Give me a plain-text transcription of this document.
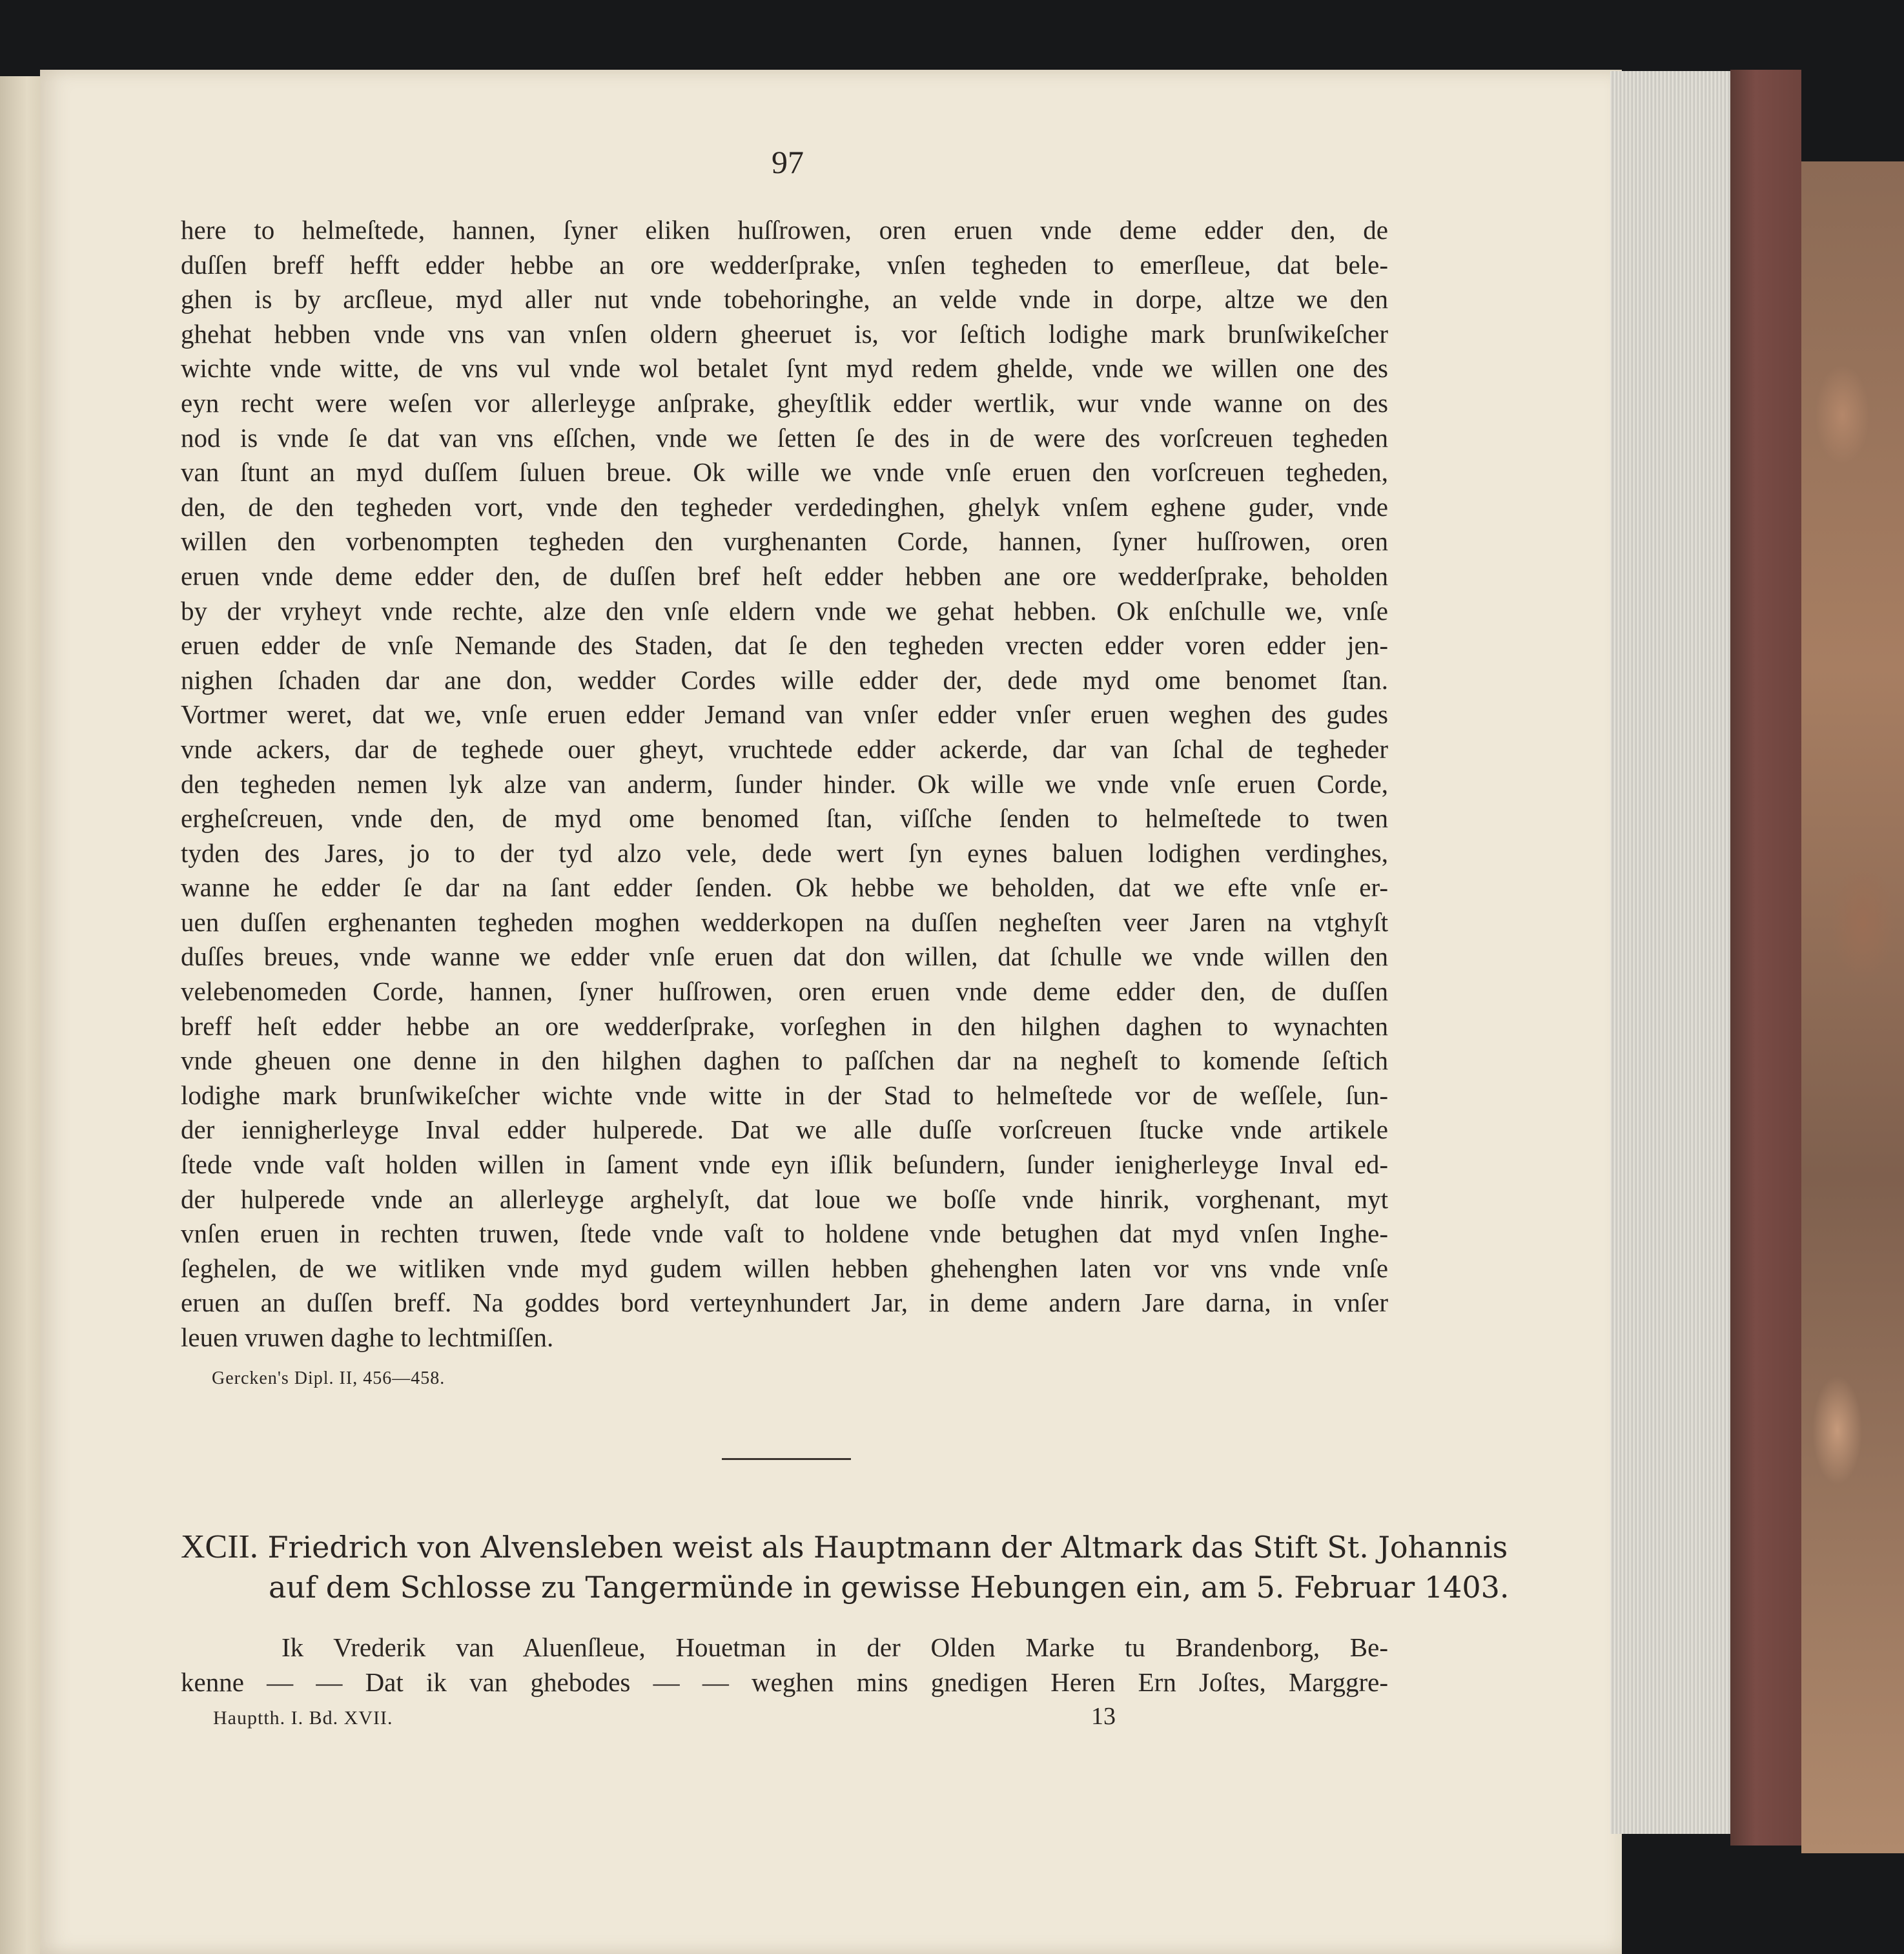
97
here to helmeſtede, hannen, ſyner eliken huſſrowen, oren eruen vnde deme edder den, de
duſſen breff hefft edder hebbe an ore wedderſprake, vnſen tegheden to emerſleue, dat bele-
ghen is by arcſleue, myd aller nut vnde tobehoringhe, an velde vnde in dorpe, altze we den
ghehat hebben vnde vns van vnſen oldern gheeruet is, vor ſeſtich lodighe mark brunſwikeſcher
wichte vnde witte, de vns vul vnde wol betalet ſynt myd redem ghelde, vnde we willen one des
eyn recht were weſen vor allerleyge anſprake, gheyſtlik edder wertlik, wur vnde wanne on des
nod is vnde ſe dat van vns eſſchen, vnde we ſetten ſe des in de were des vorſcreuen tegheden
van ſtunt an myd duſſem ſuluen breue. Ok wille we vnde vnſe eruen den vorſcreuen tegheden,
den, de den tegheden vort, vnde den tegheder verdedinghen, ghelyk vnſem eghene guder, vnde
willen den vorbenompten tegheden den vurghenanten Corde, hannen, ſyner huſſrowen, oren
eruen vnde deme edder den, de duſſen bref heſt edder hebben ane ore wedderſprake, beholden
by der vryheyt vnde rechte, alze den vnſe eldern vnde we gehat hebben. Ok enſchulle we, vnſe
eruen edder de vnſe Nemande des Staden, dat ſe den tegheden vrecten edder voren edder jen-
nighen ſchaden dar ane don, wedder Cordes wille edder der, dede myd ome benomet ſtan.
Vortmer weret, dat we, vnſe eruen edder Jemand van vnſer edder vnſer eruen weghen des gudes
vnde ackers, dar de teghede ouer gheyt, vruchtede edder ackerde, dar van ſchal de tegheder
den tegheden nemen lyk alze van anderm, ſunder hinder. Ok wille we vnde vnſe eruen Corde,
ergheſcreuen, vnde den, de myd ome benomed ſtan, viſſche ſenden to helmeſtede to twen
tyden des Jares, jo to der tyd alzo vele, dede wert ſyn eynes baluen lodighen verdinghes,
wanne he edder ſe dar na ſant edder ſenden. Ok hebbe we beholden, dat we efte vnſe er-
uen duſſen erghenanten tegheden moghen wedderkopen na duſſen negheſten veer Jaren na vtghyſt
duſſes breues, vnde wanne we edder vnſe eruen dat don willen, dat ſchulle we vnde willen den
velebenomeden Corde, hannen, ſyner huſſrowen, oren eruen vnde deme edder den, de duſſen
breff heſt edder hebbe an ore wedderſprake, vorſeghen in den hilghen daghen to wynachten
vnde gheuen one denne in den hilghen daghen to paſſchen dar na negheſt to komende ſeſtich
lodighe mark brunſwikeſcher wichte vnde witte in der Stad to helmeſtede vor de weſſele, ſun-
der iennigherleyge Inval edder hulperede. Dat we alle duſſe vorſcreuen ſtucke vnde artikele
ſtede vnde vaſt holden willen in ſament vnde eyn iſlik beſundern, ſunder ienigherleyge Inval ed-
der hulperede vnde an allerleyge arghelyſt, dat loue we boſſe vnde hinrik, vorghenant, myt
vnſen eruen in rechten truwen, ſtede vnde vaſt to holdene vnde betughen dat myd vnſen Inghe-
ſeghelen, de we witliken vnde myd gudem willen hebben ghehenghen laten vor vns vnde vnſe
eruen an duſſen breff. Na goddes bord verteynhundert Jar, in deme andern Jare darna, in vnſer
leuen vruwen daghe to lechtmiſſen.
Gercken's Dipl. II, 456—458.
XCII. Friedrich von Alvensleben weist als Hauptmann der Altmark das Stift St. Johannis
auf dem Schlosse zu Tangermünde in gewisse Hebungen ein, am 5. Februar 1403.
Ik Vrederik van Aluenſleue, Houetman in der Olden Marke tu Brandenborg, Be-
kenne — — Dat ik van ghebodes — — weghen mins gnedigen Heren Ern Joſtes, Marggre-
Hauptth. I. Bd. XVII.	13
